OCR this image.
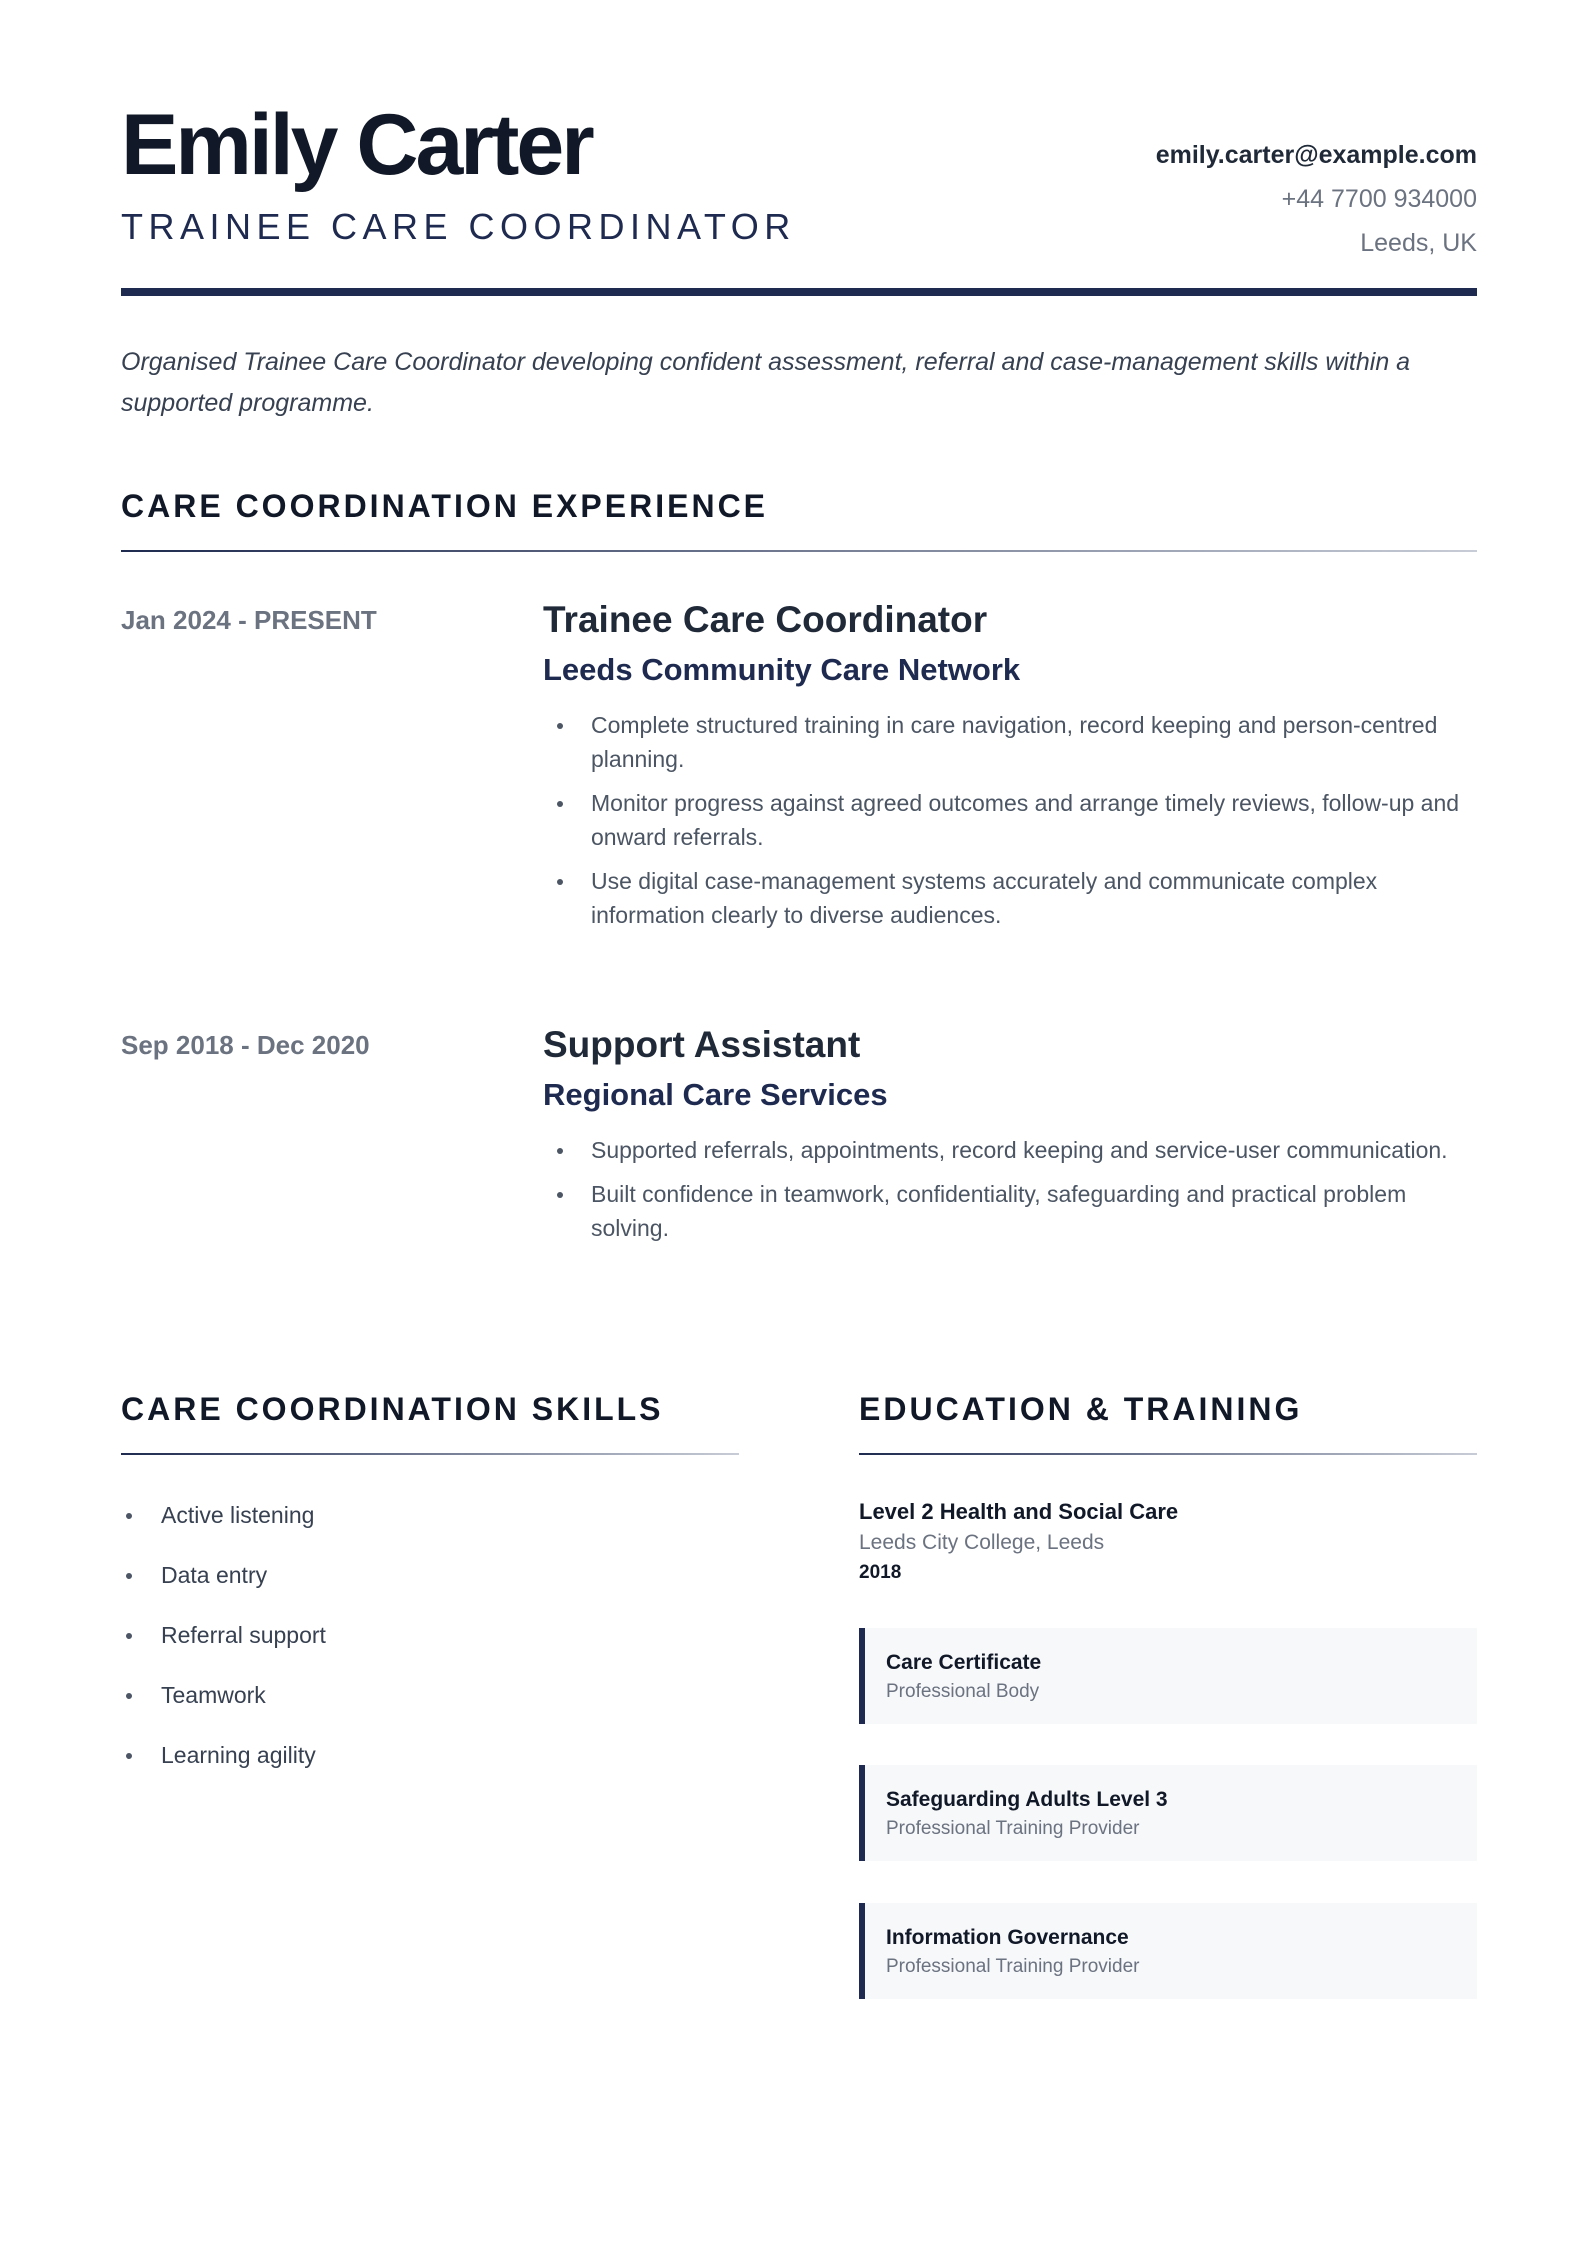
Emily Carter
TRAINEE CARE COORDINATOR
emily.carter@example.com
+44 7700 934000
Leeds, UK
Organised Trainee Care Coordinator developing confident assessment, referral and case-management skills within a supported programme.
CARE COORDINATION EXPERIENCE
Jan 2024 - PRESENT	Trainee Care Coordinator
Leeds Community Care Network
Complete structured training in care navigation, record keeping and person-centred planning.
Monitor progress against agreed outcomes and arrange timely reviews, follow-up and onward referrals.
Use digital case-management systems accurately and communicate complex information clearly to diverse audiences.
Sep 2018 - Dec 2020	Support Assistant
Regional Care Services
Supported referrals, appointments, record keeping and service-user communication.
Built confidence in teamwork, confidentiality, safeguarding and practical problem solving.
CARE COORDINATION SKILLS
Active listening
Data entry
Referral support
Teamwork
Learning agility
EDUCATION & TRAINING
Level 2 Health and Social Care
Leeds City College, Leeds
2018
Care Certificate
Professional Body
Safeguarding Adults Level 3
Professional Training Provider
Information Governance
Professional Training Provider
